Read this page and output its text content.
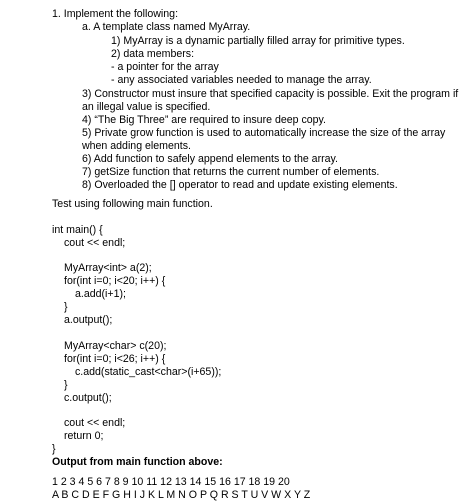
1. Implement the following:
a. A template class named MyArray.
1) MyArray is a dynamic partially filled array for primitive types.
2) data members:
- a pointer for the array
- any associated variables needed to manage the array.
3) Constructor must insure that specified capacity is possible. Exit the program if
an illegal value is specified.
4) “The Big Three” are required to insure deep copy.
5) Private grow function is used to automatically increase the size of the array
when adding elements.
6) Add function to safely append elements to the array.
7) getSize function that returns the current number of elements.
8) Overloaded the [] operator to read and update existing elements.
Test using following main function.
int main() {
cout << endl;
MyArray<int> a(2);
for(int i=0; i<20; i++) {
a.add(i+1);
}
a.output();
MyArray<char> c(20);
for(int i=0; i<26; i++) {
c.add(static_cast<char>(i+65));
}
c.output();
cout << endl;
return 0;
}
Output from main function above:
1 2 3 4 5 6 7 8 9 10 11 12 13 14 15 16 17 18 19 20
A B C D E F G H I J K L M N O P Q R S T U V W X Y Z
